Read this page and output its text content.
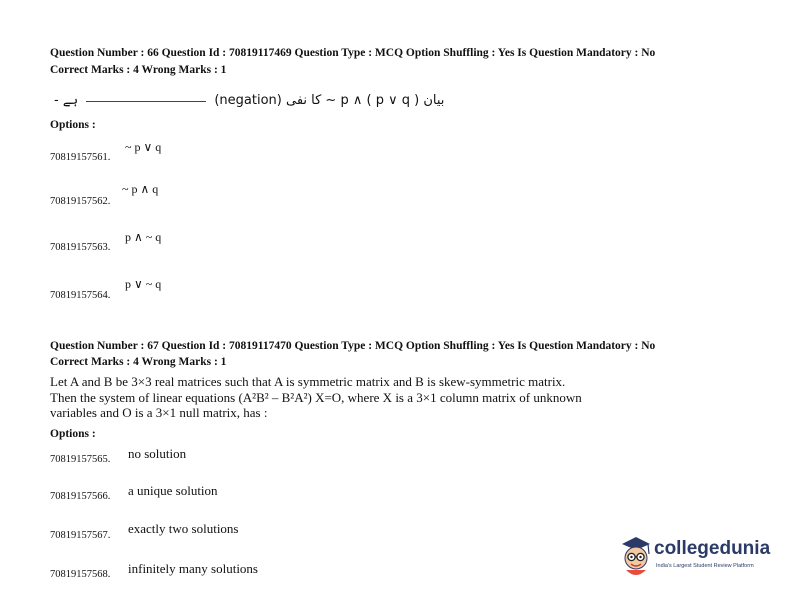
Question Number : 66 Question Id : 70819117469 Question Type : MCQ Option Shuffling : Yes Is Question Mandatory : No
Correct Marks : 4 Wrong Marks : 1
- ہے	(negation) کا نفی ~ p ∧ ( p ∨ q ) بیان
Options :
70819157561.
~ p ∨ q
70819157562.
~ p ∧ q
70819157563.
p ∧ ~ q
70819157564.
p ∨ ~ q
Question Number : 67 Question Id : 70819117470 Question Type : MCQ Option Shuffling : Yes Is Question Mandatory : No
Correct Marks : 4 Wrong Marks : 1
Let A and B be 3×3 real matrices such that A is symmetric matrix and B is skew-symmetric matrix. Then the system of linear equations (A²B² – B²A²) X=O, where X is a 3×1 column matrix of unknown variables and O is a 3×1 null matrix, has :
Options :
70819157565. no solution
70819157566. a unique solution
70819157567. exactly two solutions
70819157568. infinitely many solutions
collegedunia
India's Largest Student Review Platform
